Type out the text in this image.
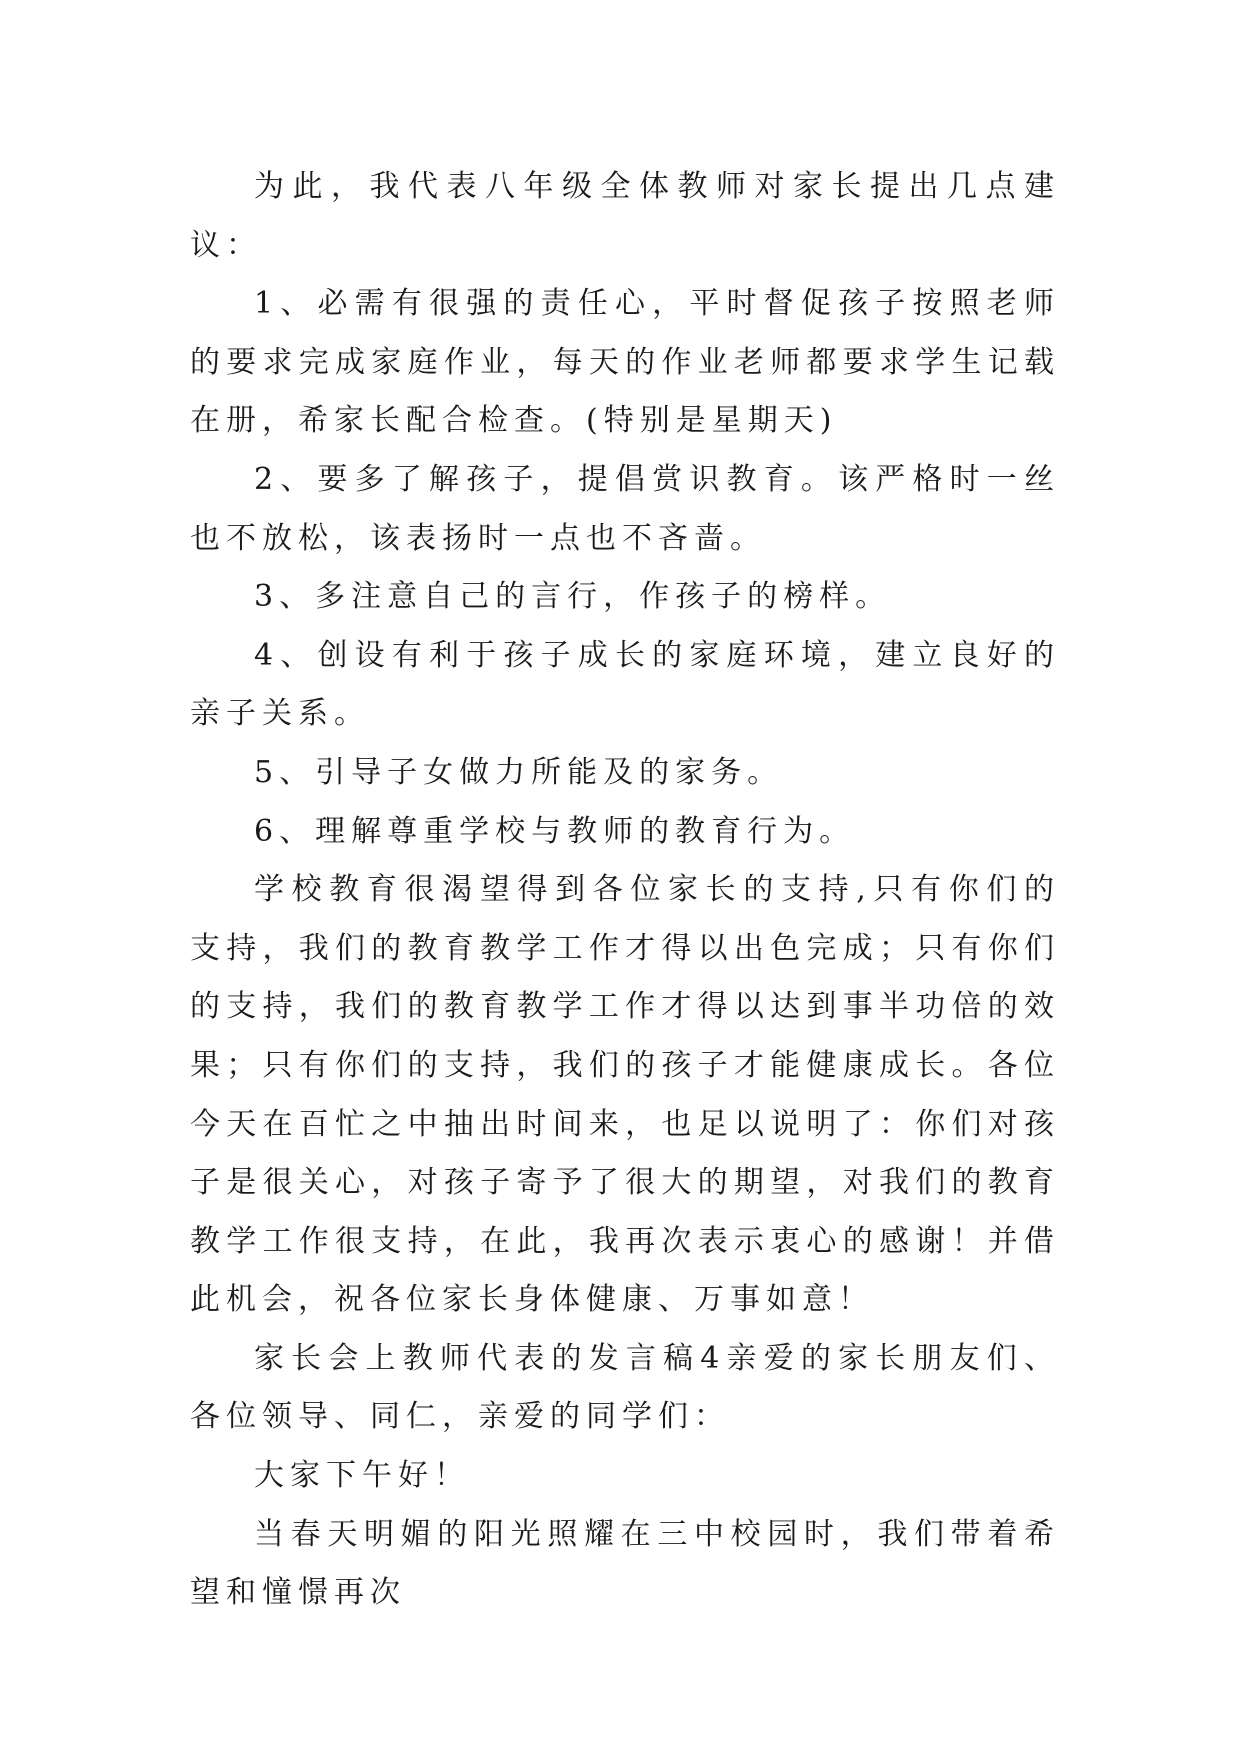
为此，我代表八年级全体教师对家长提出几点建议：

1、必需有很强的责任心，平时督促孩子按照老师的要求完成家庭作业，每天的作业老师都要求学生记载在册，希家长配合检查。(特别是星期天)

2、要多了解孩子，提倡赏识教育。该严格时一丝也不放松，该表扬时一点也不吝啬。

3、多注意自己的言行，作孩子的榜样。

4、创设有利于孩子成长的家庭环境，建立良好的亲子关系。

5、引导子女做力所能及的家务。

6、理解尊重学校与教师的教育行为。

学校教育很渴望得到各位家长的支持,只有你们的支持，我们的教育教学工作才得以出色完成；只有你们的支持，我们的教育教学工作才得以达到事半功倍的效果；只有你们的支持，我们的孩子才能健康成长。各位今天在百忙之中抽出时间来，也足以说明了：你们对孩子是很关心，对孩子寄予了很大的期望，对我们的教育教学工作很支持，在此，我再次表示衷心的感谢！并借此机会，祝各位家长身体健康、万事如意！

家长会上教师代表的发言稿4亲爱的家长朋友们、各位领导、同仁，亲爱的同学们：

大家下午好！

当春天明媚的阳光照耀在三中校园时，我们带着希望和憧憬再次
